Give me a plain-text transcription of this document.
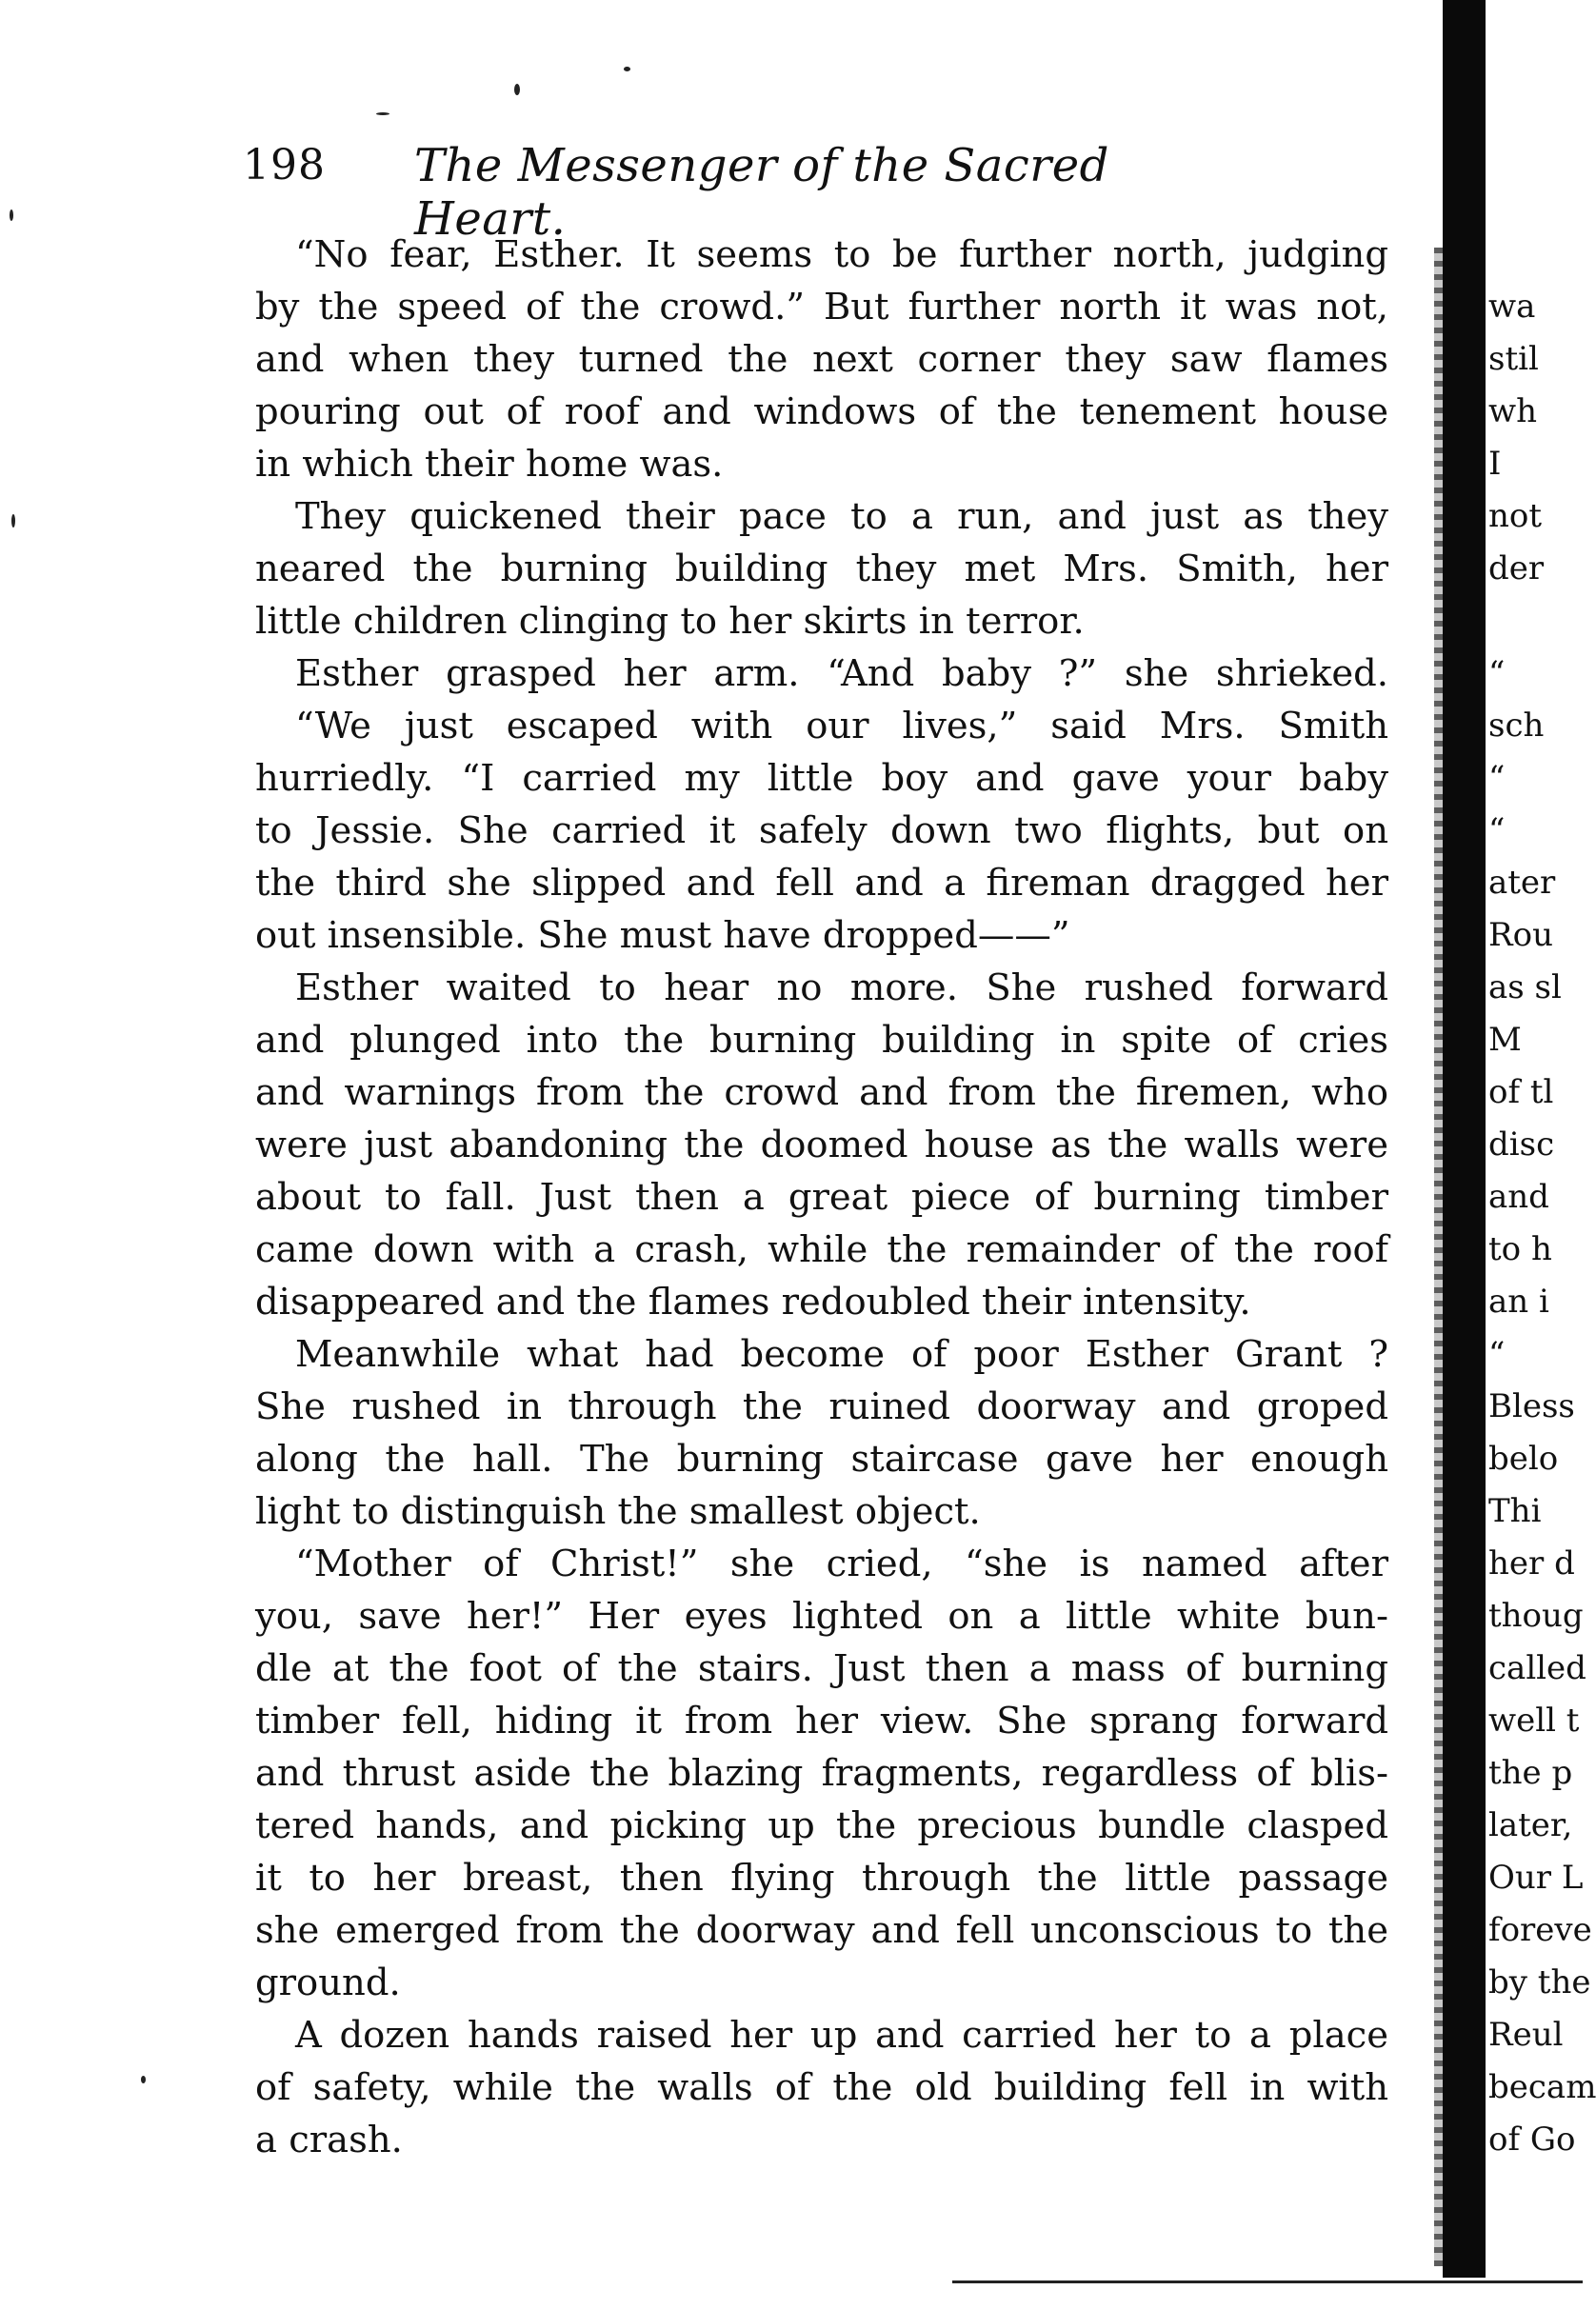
198 The Messenger of the Sacred Heart.
“No fear, Esther. It seems to be further north, judging
by the speed of the crowd.” But further north it was not,
and when they turned the next corner they saw flames
pouring out of roof and windows of the tenement house
in which their home was.
They quickened their pace to a run, and just as they
neared the burning building they met Mrs. Smith, her
little children clinging to her skirts in terror.
Esther grasped her arm. “And baby ?” she shrieked.
“We just escaped with our lives,” said Mrs. Smith
hurriedly. “I carried my little boy and gave your baby
to Jessie. She carried it safely down two flights, but on
the third she slipped and fell and a fireman dragged her
out insensible. She must have dropped——”
Esther waited to hear no more. She rushed forward
and plunged into the burning building in spite of cries
and warnings from the crowd and from the firemen, who
were just abandoning the doomed house as the walls were
about to fall. Just then a great piece of burning timber
came down with a crash, while the remainder of the roof
disappeared and the flames redoubled their intensity.
Meanwhile what had become of poor Esther Grant ?
She rushed in through the ruined doorway and groped
along the hall. The burning staircase gave her enough
light to distinguish the smallest object.
“Mother of Christ!” she cried, “she is named after
you, save her!” Her eyes lighted on a little white bun-
dle at the foot of the stairs. Just then a mass of burning
timber fell, hiding it from her view. She sprang forward
and thrust aside the blazing fragments, regardless of blis-
tered hands, and picking up the precious bundle clasped
it to her breast, then flying through the little passage
she emerged from the doorway and fell unconscious to the
ground.
A dozen hands raised her up and carried her to a place
of safety, while the walls of the old building fell in with
a crash.
wa
stil
wh
I
not
der
“
sch
“
“
ater
Rou
as sl
M
of tl
disc
and
to h
an i
“
Bless
belo
Thi
her d
thoug
called
well t
the p
later,
Our L
foreve
by the
Reul
becam
of Go
